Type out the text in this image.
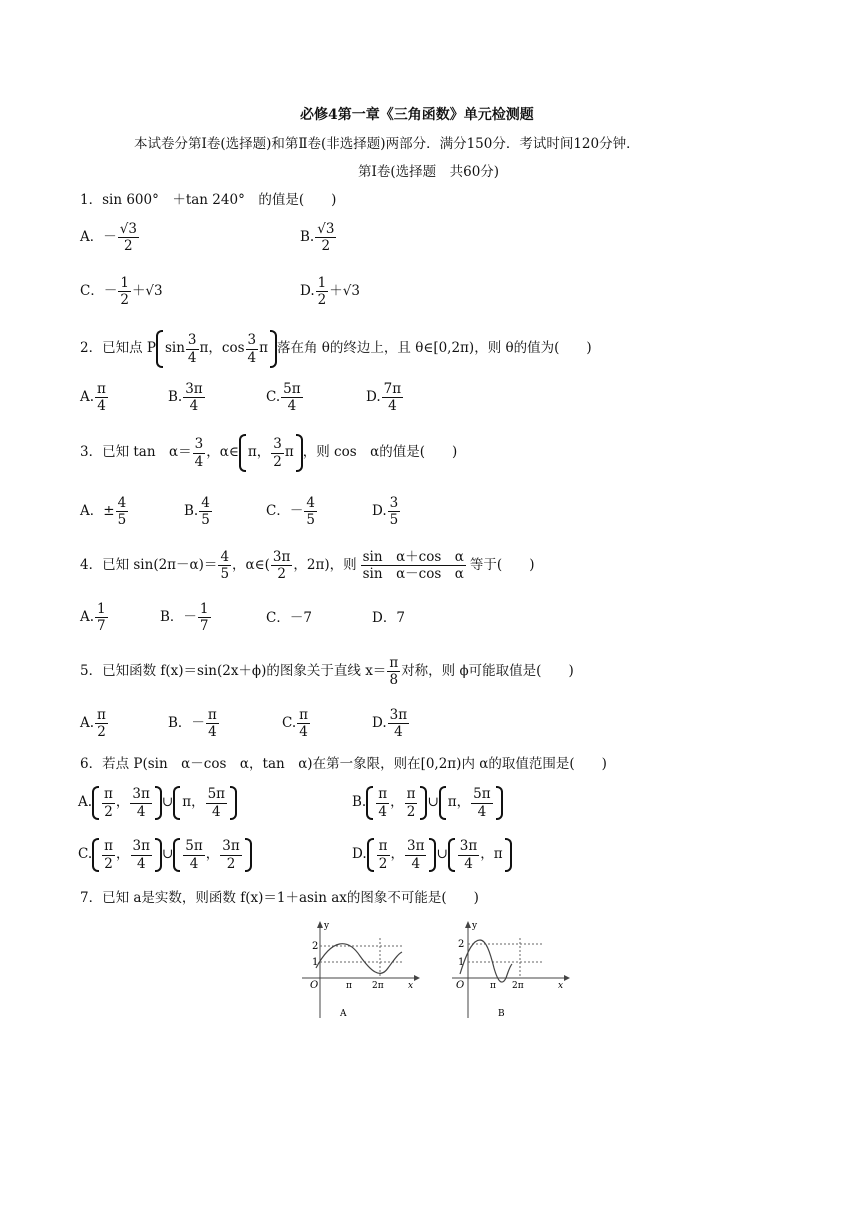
必修4第一章《三角函数》单元检测题
本试卷分第Ⅰ卷(选择题)和第Ⅱ卷(非选择题)两部分．满分150分．考试时间120分钟．
第Ⅰ卷(选择题　共60分)
1．sin 600°　＋tan 240°　的值是(　　)
A．－ $\frac{√3}{2}$	B. $\frac{√3}{2}$
C．－ $\frac{1}{2} +√3$	D. $\frac{1}{2} +√3$
2．已知点 P $\sin \frac{3}{4}$ π， $\cos \frac{3}{4}$ π 落在角 θ的终边上，且 θ∈[0,2π)，则 θ的值为(　　)
A. $\frac{\pi}{4}$	B. $\frac{3\pi}{4}$	C. $\frac{5\pi}{4}$	D. $\frac{7\pi}{4}$
3．已知 tan　$\alpha= \frac{3}{4}$ ，α∈ π， $\frac{3}{2}$ π ，则 cos　α的值是(　　)
A．± $\frac{4}{5}$	B. $\frac{4}{5}$	C．－ $\frac{4}{5}$	D. $\frac{3}{5}$
4．已知 $\sin(2\pi-\alpha)= \frac{4}{5}$ ，α∈( $\frac{3\pi}{2}$ ，2π)，则 $\frac{\text{sin　α＋cos　α}}{\text{sin　α－cos　α}}$ 等于(　　)
A. $\frac{1}{7}$	B．－ $\frac{1}{7}$	C．－7	D．7
5．已知函数 f(x)＝sin(2x＋ϕ)的图象关于直线 $x= \frac{\pi}{8}$ 对称，则 ϕ可能取值是(　　)
A. $\frac{\pi}{2}$	B．－ $\frac{\pi}{4}$	C. $\frac{\pi}{4}$	D. $\frac{3\pi}{4}$
6．若点 P(sin　α－cos　α，tan　α)在第一象限，则在[0,2π)内 α的取值范围是(　　)
A. $\frac{\pi}{2}$ ， $\frac{3\pi}{4}$ ∪ π， $\frac{5\pi}{4}$	B. $\frac{\pi}{4}$ ， $\frac{\pi}{2}$ ∪ π， $\frac{5\pi}{4}$
C. $\frac{\pi}{2}$ ， $\frac{3\pi}{4}$ ∪ $\frac{5\pi}{4}$ ， $\frac{3\pi}{2}$	D. $\frac{\pi}{2}$ ， $\frac{3\pi}{4}$ ∪ $\frac{3\pi}{4}$ ， π
7．已知 a是实数，则函数 f(x)＝1＋asin ax的图象不可能是(　　)
y
x
O
2
1
π 2π
A
y
x
O
2
1
π 2π
B
